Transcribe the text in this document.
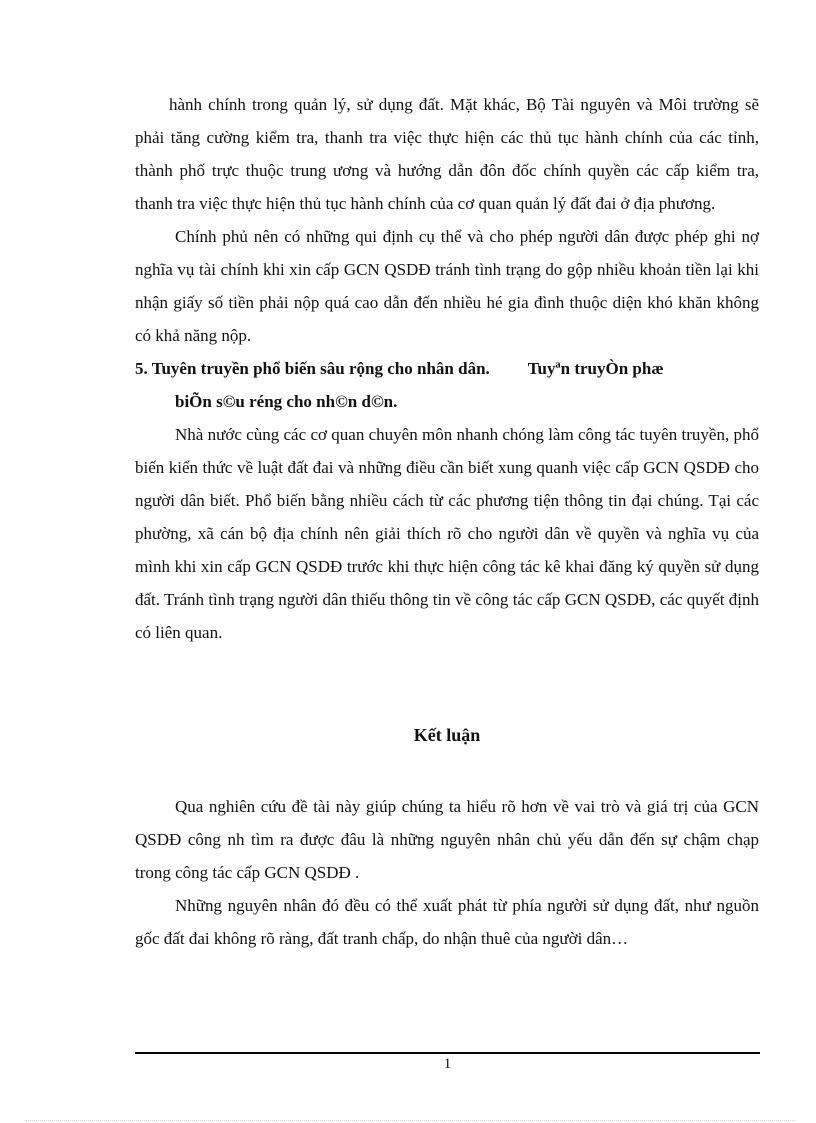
hành chính trong quản lý, sử dụng đất. Mặt khác, Bộ Tài nguyên và Môi trường sẽ phải tăng cường kiểm tra, thanh tra việc thực hiện các thủ tục hành chính của các tỉnh, thành phố trực thuộc trung ương và hướng dẫn đôn đốc chính quyền các cấp kiểm tra, thanh tra việc thực hiện thủ tục hành chính của cơ quan quản lý đất đai ở địa phương.

Chính phủ nên có những qui định cụ thể và cho phép người dân được phép ghi nợ nghĩa vụ tài chính khi xin cấp GCN QSDĐ tránh tình trạng do gộp nhiều khoản tiền lại khi nhận giấy số tiền phải nộp quá cao dẫn đến nhiều hé gia đình thuộc diện khó khăn không có khả năng nộp.

5. Tuyên truyền phổ biến sâu rộng cho nhân dân. Tuyªn truyÒn phæ

biÕn s©u réng cho nh©n d©n.

Nhà nước cùng các cơ quan chuyên môn nhanh chóng làm công tác tuyên truyền, phổ biến kiến thức về luật đất đai và những điều cần biết xung quanh việc cấp GCN QSDĐ cho người dân biết. Phổ biến bằng nhiều cách từ các phương tiện thông tin đại chúng. Tại các phường, xã cán bộ địa chính nên giải thích rõ cho người dân về quyền và nghĩa vụ của mình khi xin cấp GCN QSDĐ trước khi thực hiện công tác kê khai đăng ký quyền sử dụng đất. Tránh tình trạng người dân thiếu thông tin về công tác cấp GCN QSDĐ, các quyết định có liên quan.

Kết luận

Qua nghiên cứu đề tài này giúp chúng ta hiểu rõ hơn về vai trò và giá trị của GCN QSDĐ công nh tìm ra được đâu là những nguyên nhân chủ yếu dẫn đến sự chậm chạp trong công tác cấp GCN QSDĐ .

Những nguyên nhân đó đều có thể xuất phát từ phía người sử dụng đất, như nguồn gốc đất đai không rõ ràng, đất tranh chấp, do nhận thuê của người dân…

1
